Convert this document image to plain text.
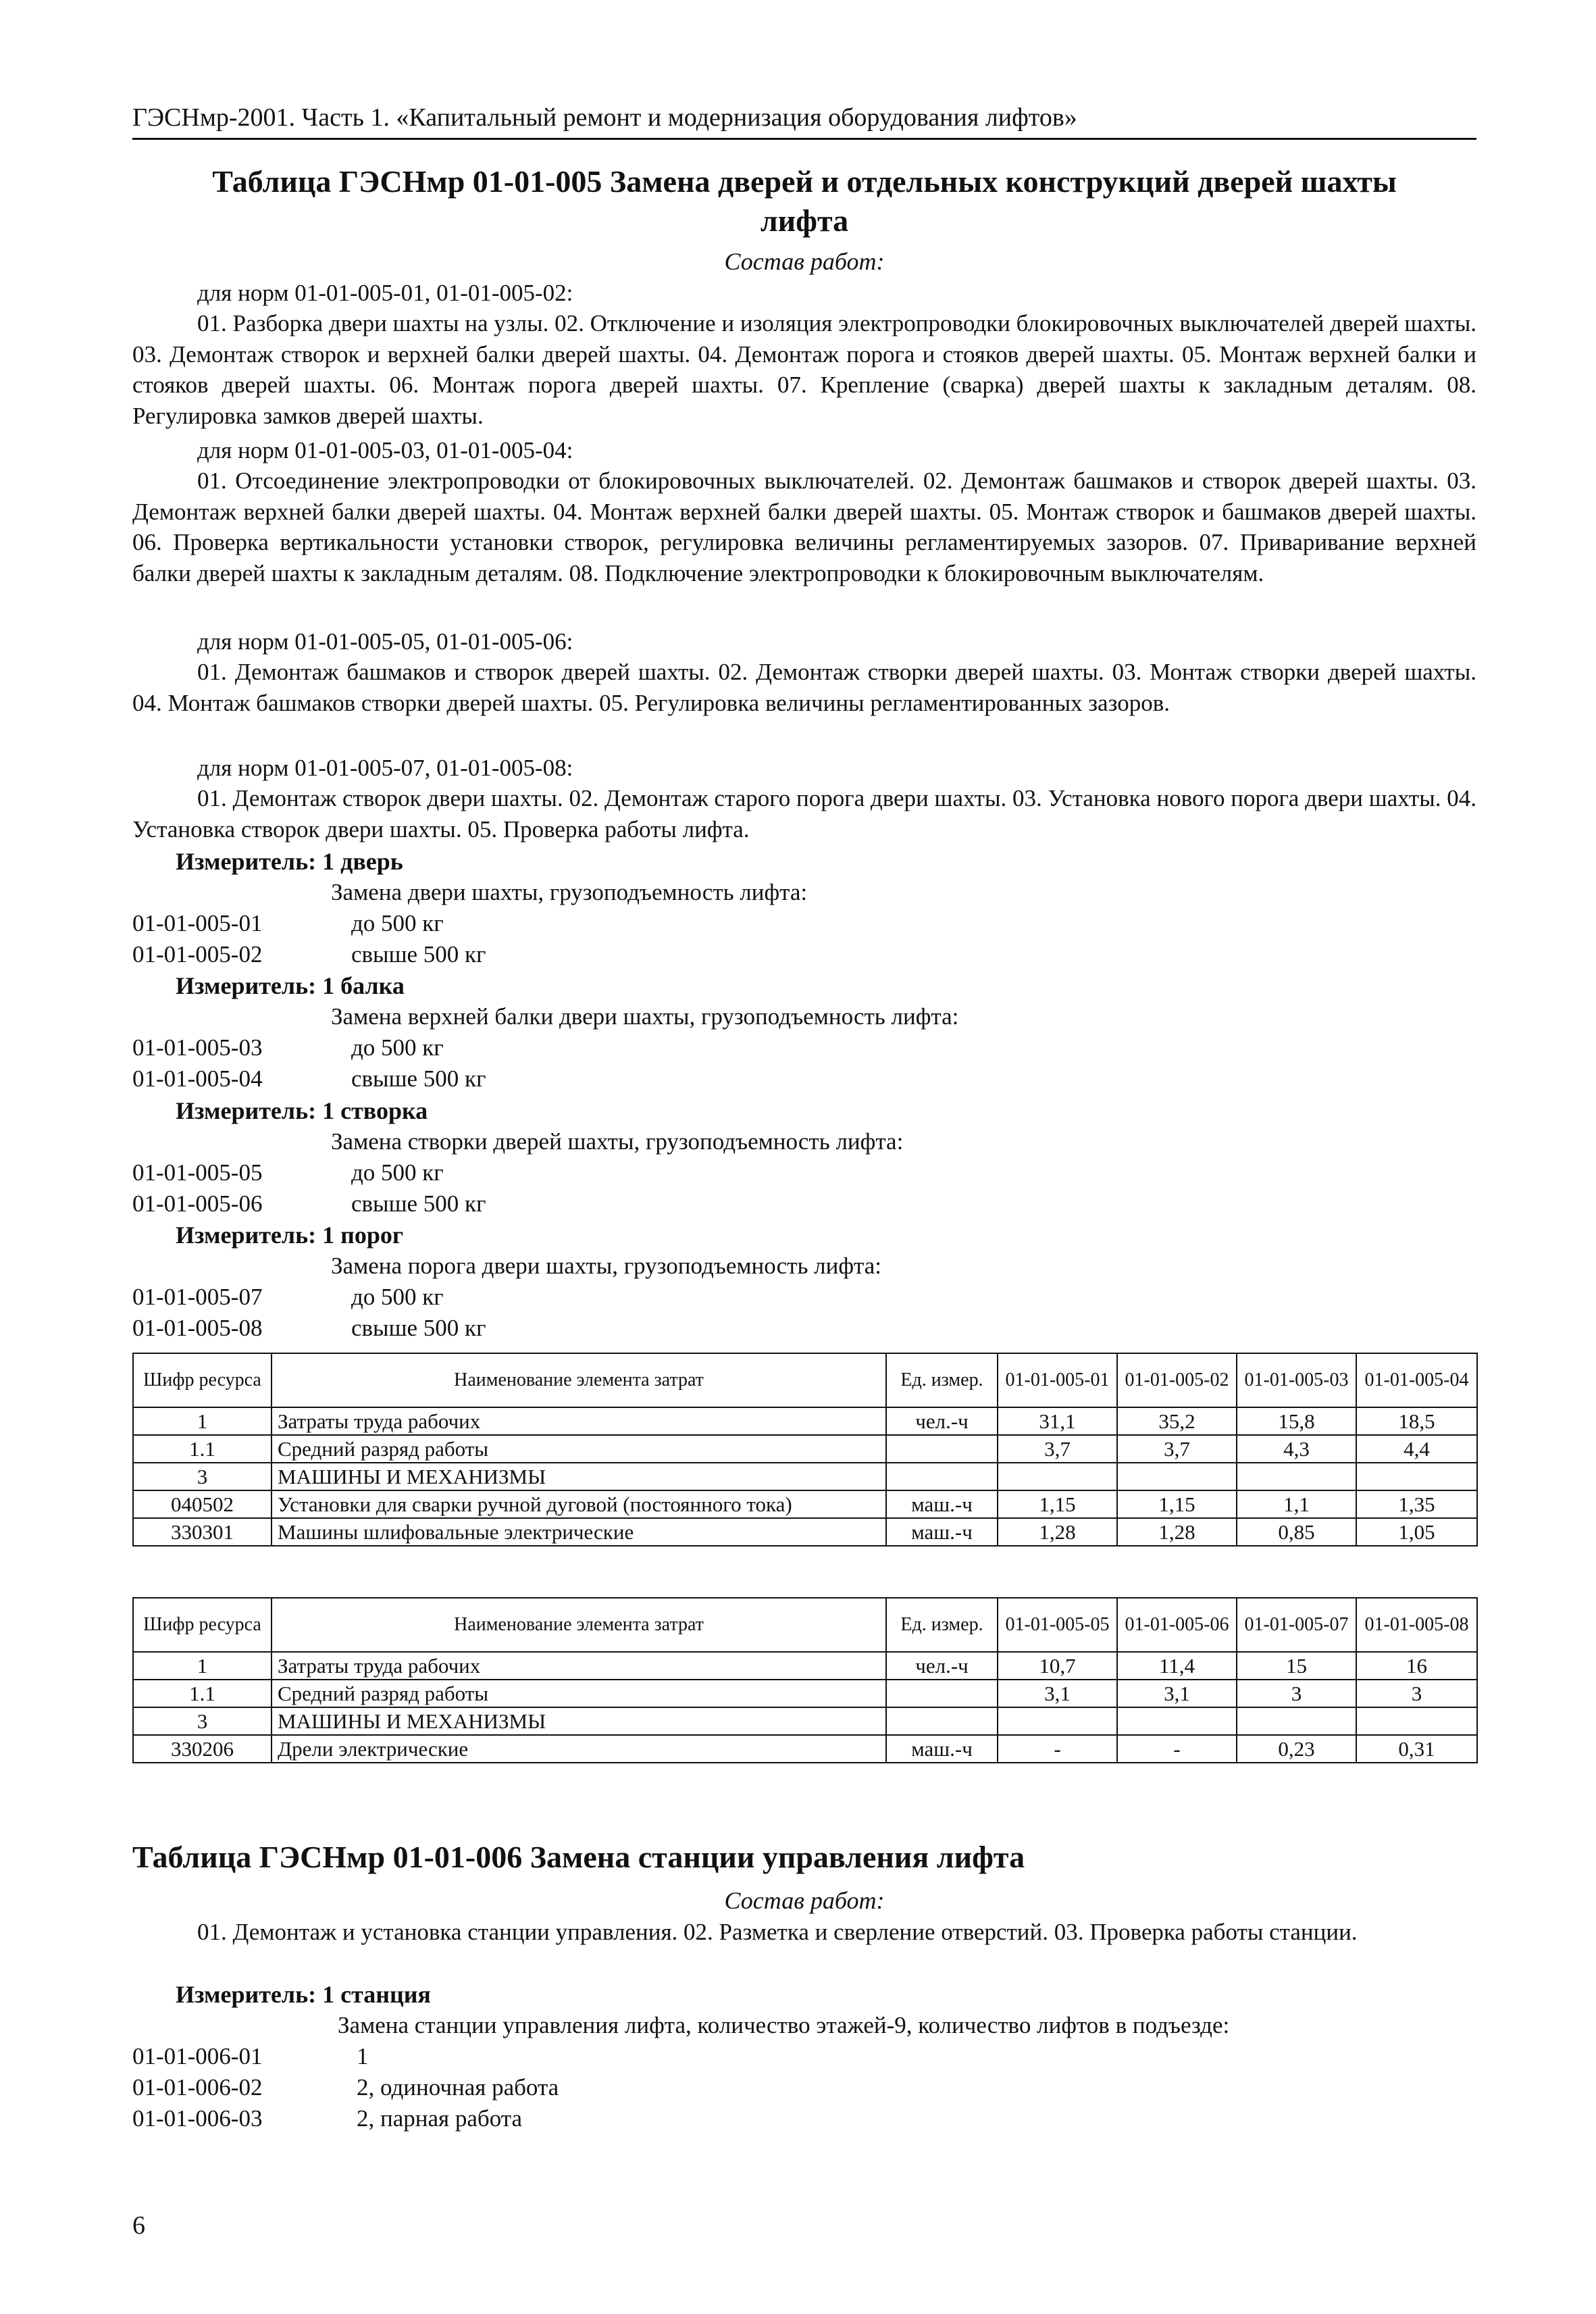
ГЭСНмр-2001. Часть 1. «Капитальный ремонт и модернизация оборудования лифтов»
Таблица ГЭСНмр 01-01-005 Замена дверей и отдельных конструкций дверей шахты
лифта
Состав работ:
для норм 01-01-005-01, 01-01-005-02:
01. Разборка двери шахты на узлы. 02. Отключение и изоляция электропроводки блокировочных выключателей дверей шахты. 03. Демонтаж створок и верхней балки дверей шахты. 04. Демонтаж порога и стояков дверей шахты. 05. Монтаж верхней балки и стояков дверей шахты. 06. Монтаж порога дверей шахты. 07. Крепление (сварка) дверей шахты к закладным деталям. 08. Регулировка замков дверей шахты.
для норм 01-01-005-03, 01-01-005-04:
01. Отсоединение электропроводки от блокировочных выключателей. 02. Демонтаж башмаков и створок дверей шахты. 03. Демонтаж верхней балки дверей шахты. 04. Монтаж верхней балки дверей шахты. 05. Монтаж створок и башмаков дверей шахты. 06. Проверка вертикальности установки створок, регулировка величины регламентируемых зазоров. 07. Приваривание верхней балки дверей шахты к закладным деталям. 08. Подключение электропроводки к блокировочным выключателям.
для норм 01-01-005-05, 01-01-005-06:
01. Демонтаж башмаков и створок дверей шахты. 02. Демонтаж створки дверей шахты. 03. Монтаж створки дверей шахты. 04. Монтаж башмаков створки дверей шахты. 05. Регулировка величины регламентированных зазоров.
для норм 01-01-005-07, 01-01-005-08:
01. Демонтаж створок двери шахты. 02. Демонтаж старого порога двери шахты. 03. Установка нового порога двери шахты. 04. Установка створок двери шахты. 05. Проверка работы лифта.
Измеритель: 1 дверь
Замена двери шахты, грузоподъемность лифта:
01-01-005-01	до 500 кг
01-01-005-02	свыше 500 кг
Измеритель: 1 балка
Замена верхней балки двери шахты, грузоподъемность лифта:
01-01-005-03	до 500 кг
01-01-005-04	свыше 500 кг
Измеритель: 1 створка
Замена створки дверей шахты, грузоподъемность лифта:
01-01-005-05	до 500 кг
01-01-005-06	свыше 500 кг
Измеритель: 1 порог
Замена порога двери шахты, грузоподъемность лифта:
01-01-005-07	до 500 кг
01-01-005-08	свыше 500 кг
Шифр ресурса	Наименование элемента затрат	Ед. измер.	01-01-005-01	01-01-005-02	01-01-005-03	01-01-005-04
1	Затраты труда рабочих	чел.-ч	31,1	35,2	15,8	18,5
1.1	Средний разряд работы		3,7	3,7	4,3	4,4
3	МАШИНЫ И МЕХАНИЗМЫ					
040502	Установки для сварки ручной дуговой (постоянного тока)	маш.-ч	1,15	1,15	1,1	1,35
330301	Машины шлифовальные электрические	маш.-ч	1,28	1,28	0,85	1,05
Шифр ресурса	Наименование элемента затрат	Ед. измер.	01-01-005-05	01-01-005-06	01-01-005-07	01-01-005-08
1	Затраты труда рабочих	чел.-ч	10,7	11,4	15	16
1.1	Средний разряд работы		3,1	3,1	3	3
3	МАШИНЫ И МЕХАНИЗМЫ					
330206	Дрели электрические	маш.-ч	-	-	0,23	0,31
Таблица ГЭСНмр 01-01-006 Замена станции управления лифта
Состав работ:
01. Демонтаж и установка станции управления. 02. Разметка и сверление отверстий. 03. Проверка работы станции.
Измеритель: 1 станция
Замена станции управления лифта, количество этажей-9, количество лифтов в подъезде:
01-01-006-01	1
01-01-006-02	2, одиночная работа
01-01-006-03	2, парная работа
6
